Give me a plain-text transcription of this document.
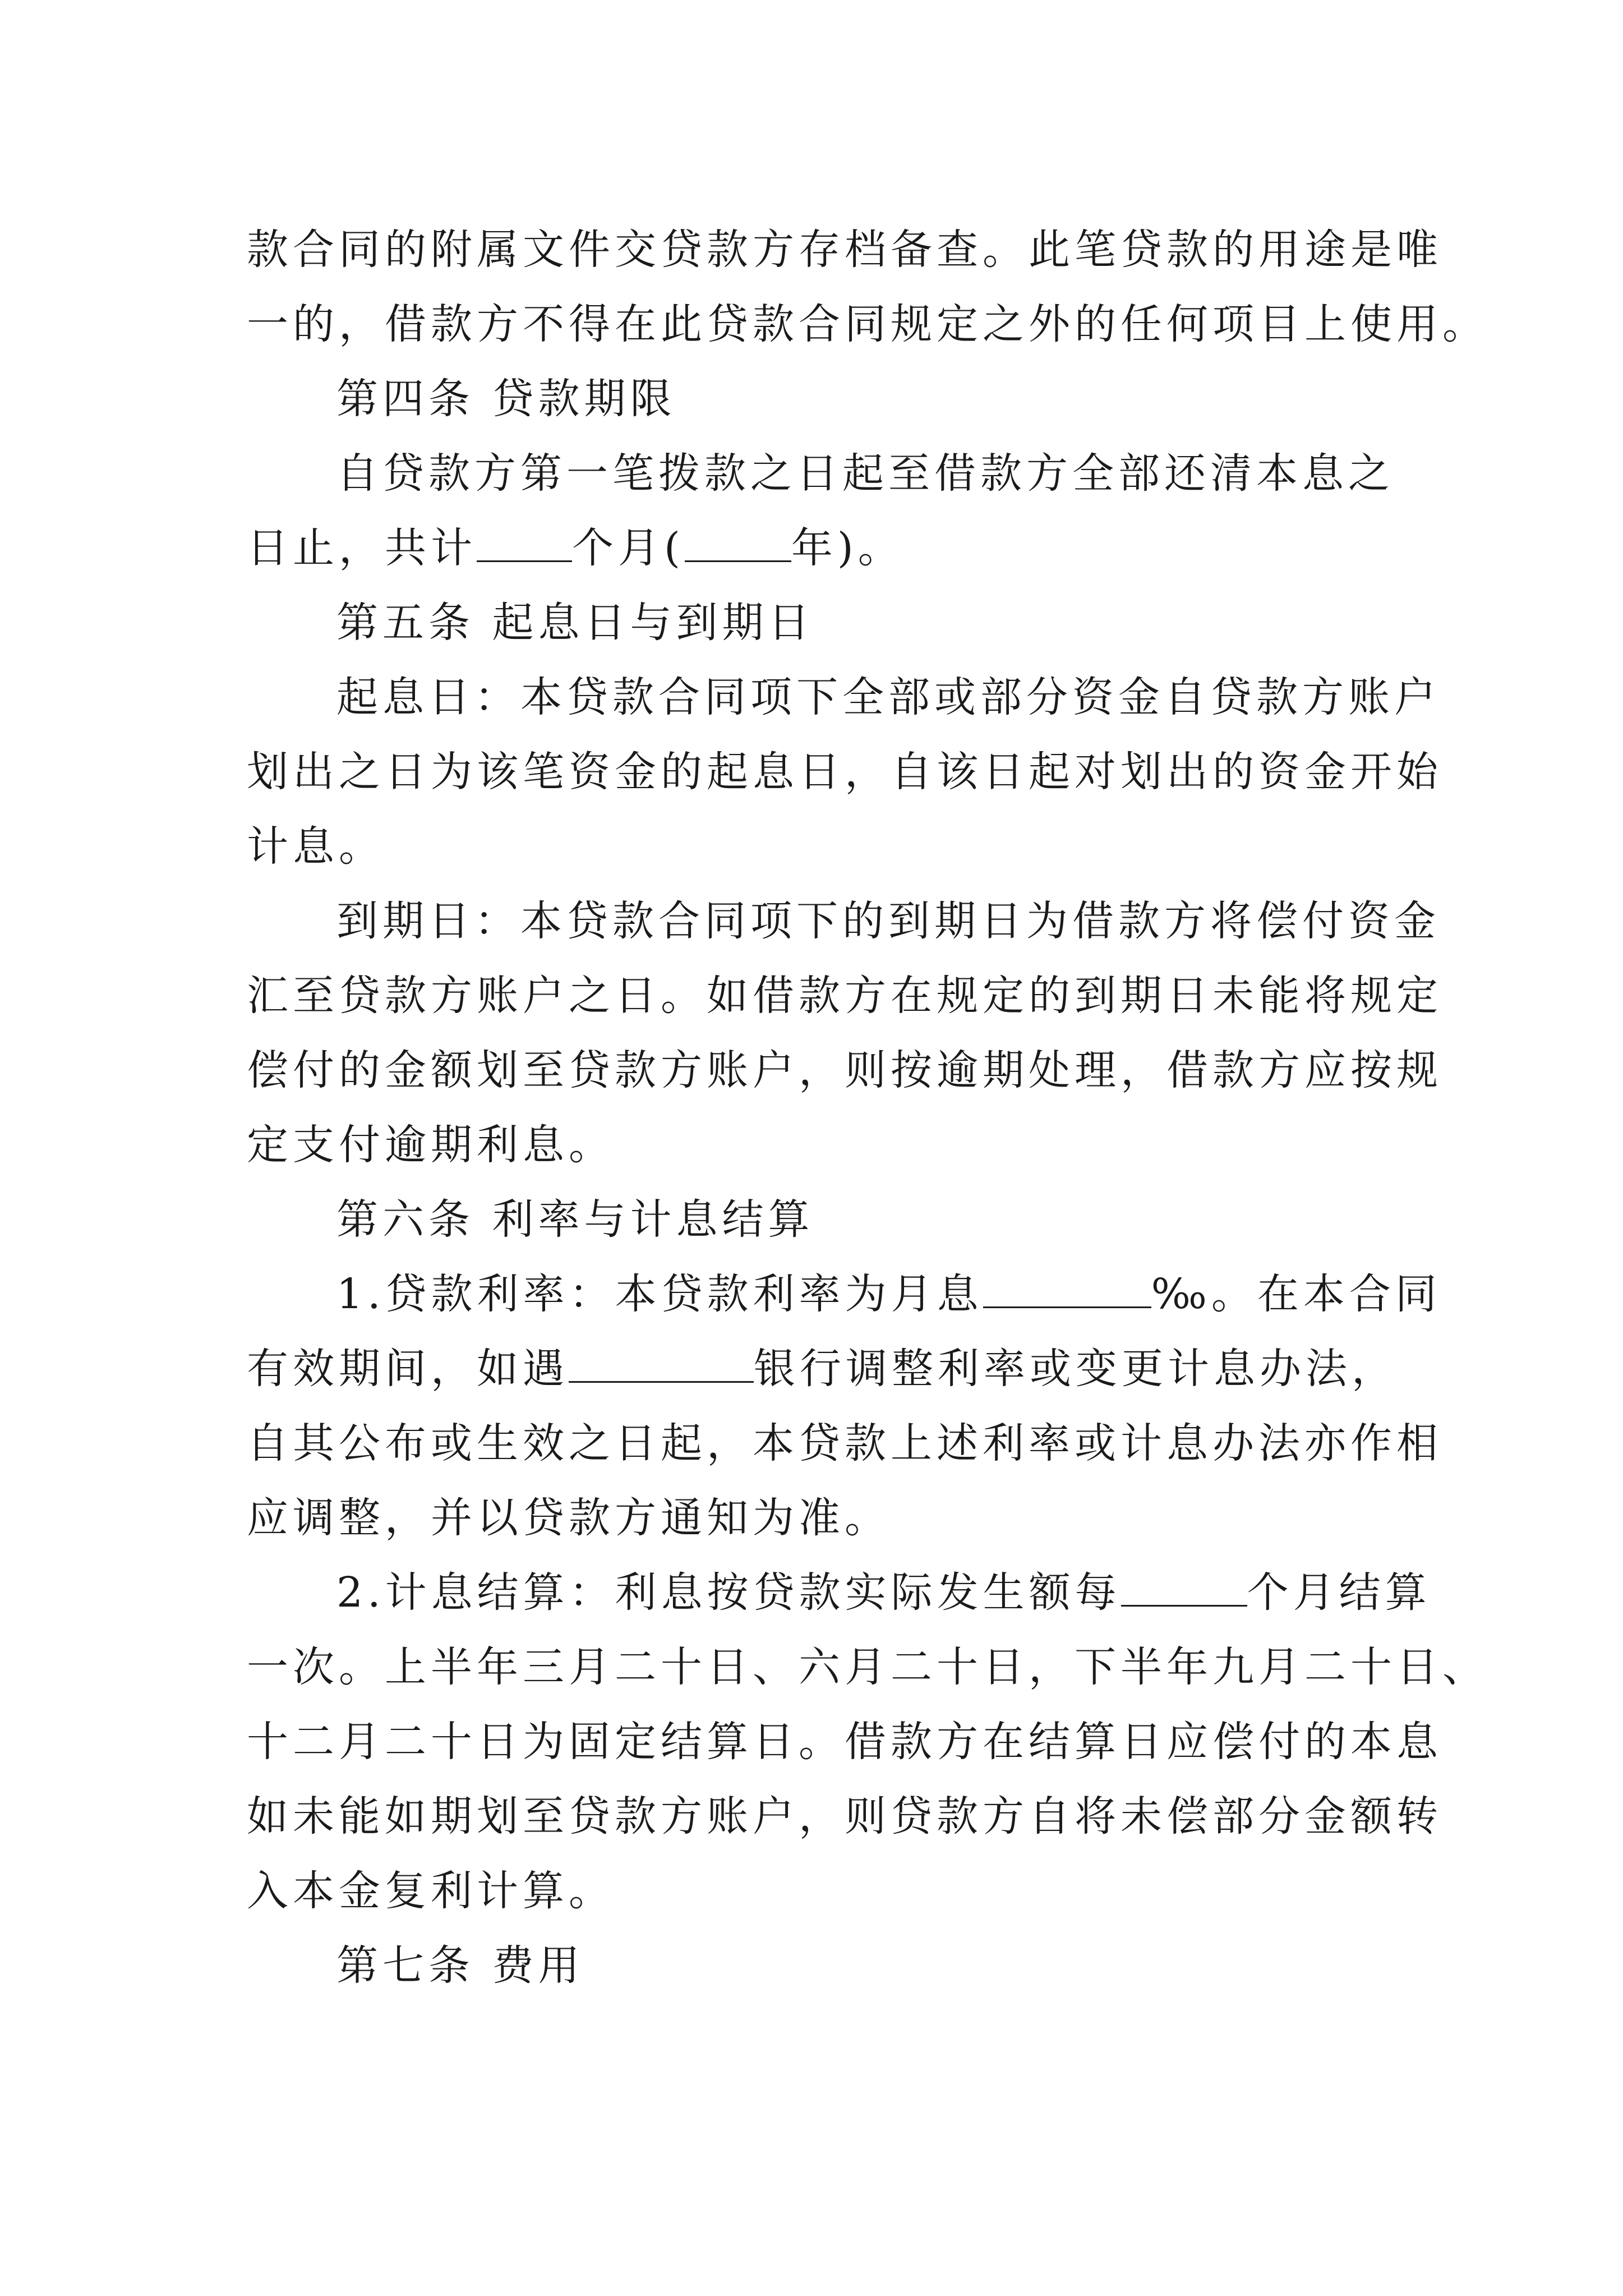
款合同的附属文件交贷款方存档备查。此笔贷款的用途是唯
一的，借款方不得在此贷款合同规定之外的任何项目上使用。
第四条 贷款期限
自贷款方第一笔拨款之日起至借款方全部还清本息之
日止，共计 个月(	年)。
第五条 起息日与到期日
起息日：本贷款合同项下全部或部分资金自贷款方账户
划出之日为该笔资金的起息日，自该日起对划出的资金开始
计息。
到期日：本贷款合同项下的到期日为借款方将偿付资金
汇至贷款方账户之日。如借款方在规定的到期日未能将规定
偿付的金额划至贷款方账户，则按逾期处理，借款方应按规
定支付逾期利息。
第六条 利率与计息结算
1.贷款利率：本贷款利率为月息	‰。在本合同
有效期间，如遇	银行调整利率或变更计息办法，
自其公布或生效之日起，本贷款上述利率或计息办法亦作相
应调整，并以贷款方通知为准。
2.计息结算：利息按贷款实际发生额每	个月结算
一次。上半年三月二十日、六月二十日，下半年九月二十日、
十二月二十日为固定结算日。借款方在结算日应偿付的本息
如未能如期划至贷款方账户，则贷款方自将未偿部分金额转
入本金复利计算。
第七条 费用
